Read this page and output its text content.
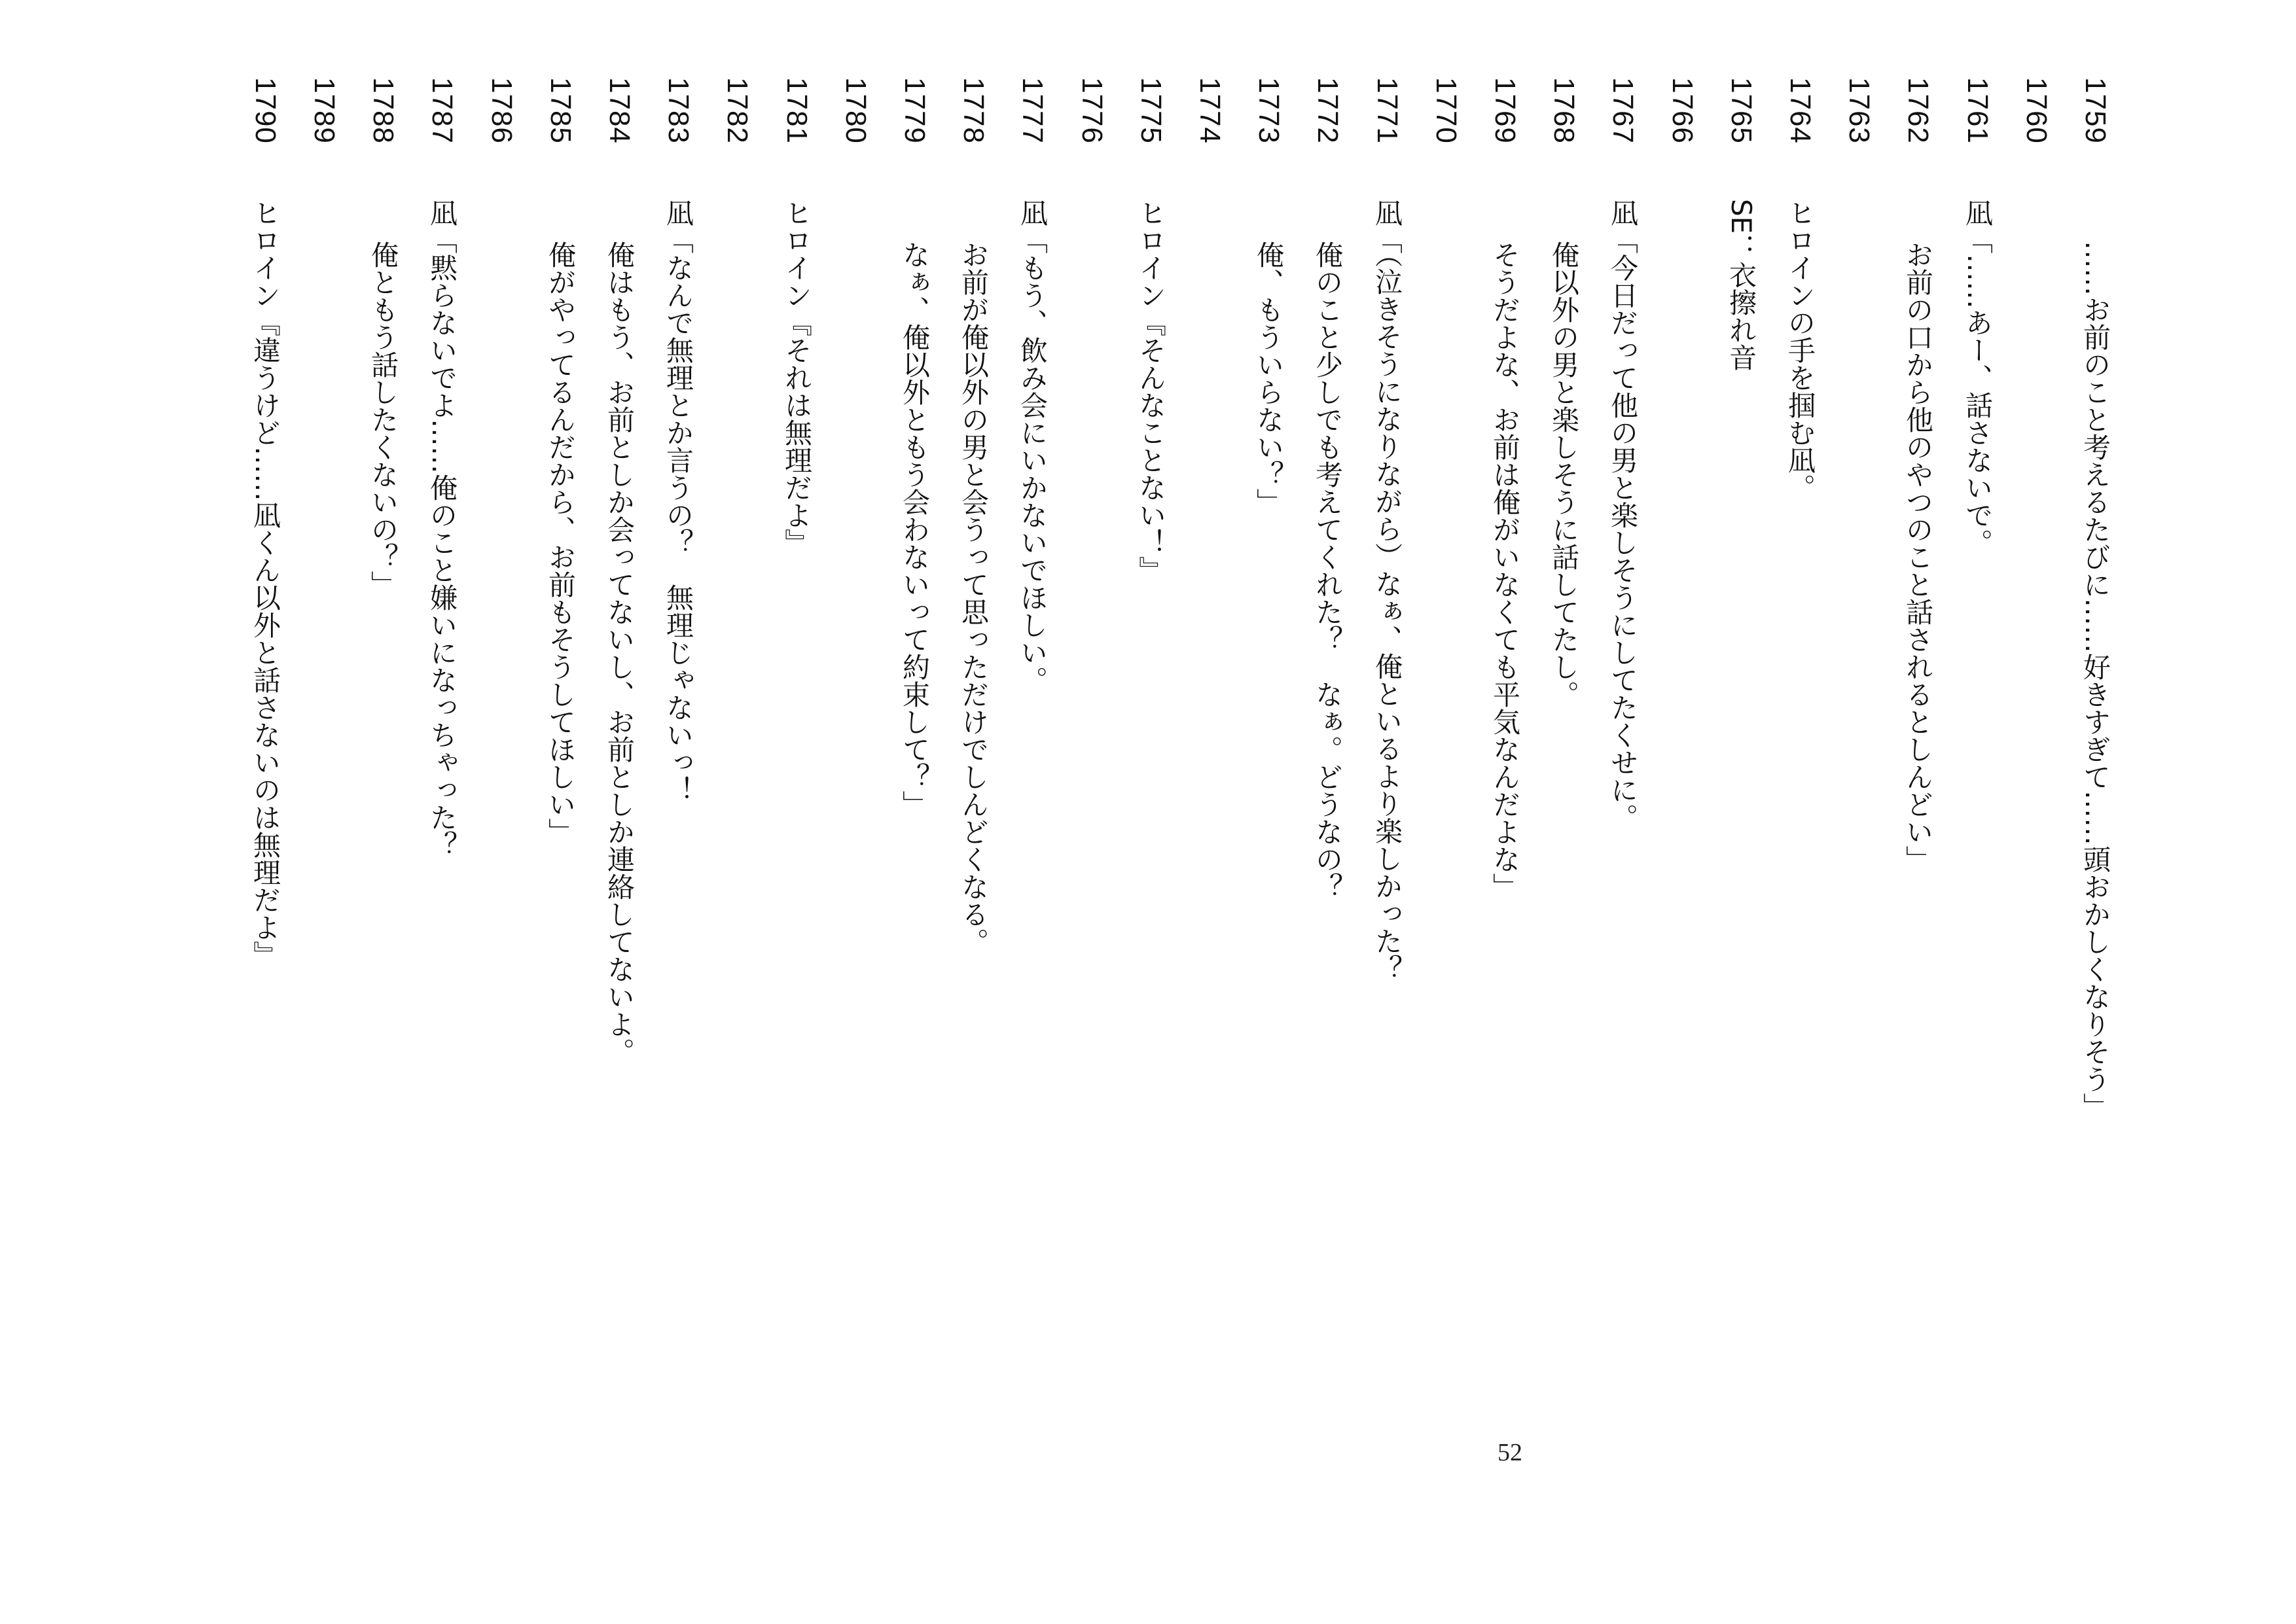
1759
……お前のこと考えるたびに……好きすぎて……頭おかしくなりそう」
1760
1761
凪「……あー、話さないで。
1762
お前の口から他のやつのこと話されるとしんどい」
1763
1764
ヒロインの手を掴む凪。
1765
SE：衣擦れ音
1766
1767
凪「今日だって他の男と楽しそうにしてたくせに。
1768
俺以外の男と楽しそうに話してたし。
1769
そうだよな、お前は俺がいなくても平気なんだよな」
1770
1771
凪「（泣きそうになりながら）なぁ、俺といるより楽しかった？
1772
俺のこと少しでも考えてくれた？　なぁ。どうなの？
1773
俺、もういらない？」
1774
1775
ヒロイン『そんなことない！』
1776
1777
凪「もう、飲み会にいかないでほしい。
1778
お前が俺以外の男と会うって思っただけでしんどくなる。
1779
なぁ、俺以外ともう会わないって約束して？」
1780
1781
ヒロイン『それは無理だよ』
1782
1783
凪「なんで無理とか言うの？　無理じゃないっ！
1784
俺はもう、お前としか会ってないし、お前としか連絡してないよ。
1785
俺がやってるんだから、お前もそうしてほしい」
1786
1787
凪「黙らないでよ……俺のこと嫌いになっちゃった？
1788
俺ともう話したくないの？」
1789
1790
ヒロイン『違うけど……凪くん以外と話さないのは無理だよ』
52
